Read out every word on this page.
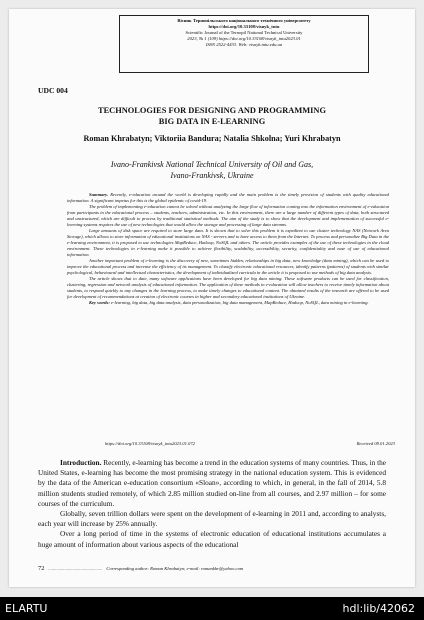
Вісник Тернопільського національного технічного університету
https://doi.org/10.33108/visnyk_tntu
Scientific Journal of the Ternopil National Technical University
2023, № 1 (109) https://doi.org/10.33108/visnyk_tntu2023.01
ISSN 2522-4433. Web: visnyk.tntu.edu.ua
UDC 004
TECHNOLOGIES FOR DESIGNING AND PROGRAMMING
BIG DATA IN E-LEARNING
Roman Khrabatyn; Viktoriia Bandura; Natalia Shkolna; Yuri Khrabatyn
Ivano-Frankivsk National Technical University of Oil and Gas,
Ivano-Frankivsk, Ukraine

Summary. Recently, e-education around the world is developing rapidly and the main problem is the timely provision of students with quality educational information. A significant impetus for this is the global epidemic of covid-19.

The problem of implementing e-education cannot be solved without analyzing the large flow of information coming into the information environment of e-education from participants in the educational process – students, teachers, administration, etc. In this environment, there are a large number of different types of data, both structured and unstructured, which are difficult to process by traditional statistical methods. The aim of the study is to show that the development and implementation of successful e-learning systems requires the use of new technologies that would allow the storage and processing of large data streams.

Large amounts of disk space are required to store large data. It is shown that to solve this problem it is expedient to use cluster technology NAS (Network Area Storage), which allows to store information of educational institutions on NAS - servers and to have access to them from the Internet. To process and personalize Big Data in the e-learning environment, it is proposed to use technologies MapReduce, Hadoop, NoSQL and others. The article provides examples of the use of these technologies in the cloud environment. These technologies in e-learning make it possible to achieve flexibility, scalability, accessibility, security, confidentiality and ease of use of educational information.

Another important problem of e-learning is the discovery of new, sometimes hidden, relationships in big data, new knowledge (data mining), which can be used to improve the educational process and increase the efficiency of its management. To classify electronic educational resources, identify patterns (patterns) of students with similar psychological, behavioural and intellectual characteristics, the development of individualized curricula in the article it is proposed to use methods of big data analysis.

The article shows that to date, many software applications have been developed for big data mining. These software products can be used for classification, clustering, regression and network analysis of educational information. The application of these methods in e-education will allow teachers to receive timely information about students, to respond quickly to any changes in the learning process, to make timely changes to educational content. The obtained results of the research are offered to be used for development of recommendations at creation of electronic courses in higher and secondary educational institutions of Ukraine.

Key words: e-learning, big data, big data analysis, data personalization, big data management, MapReduce, Hadoop, NoSQL, data mining in e-learning.

https://doi.org/10.33108/visnyk_tntu2023.01.072	Received 09.01.2023

Introduction. Recently, e-learning has become a trend in the education systems of many countries. Thus, in the United States, e-learning has become the most promising strategy in the national education system. This is evidenced by the data of the American e-education consortium «Sloan», according to which, in general, in the fall of 2014, 5.8 million students studied remotely, of which 2.85 million studied on-line from all courses, and 2.97 million – for some courses of the curriculum.

Globally, seven trillion dollars were spent on the development of e-learning in 2011 and, according to analysts, each year will increase by 25% annually.

Over a long period of time in the systems of electronic education of educational institutions accumulates a huge amount of information about various aspects of the educational

72 ............................................... Corresponding author: Roman Khrabatyn; e-mail: romankhr@yahoo.com
ELARTU	hdl:lib/42062
